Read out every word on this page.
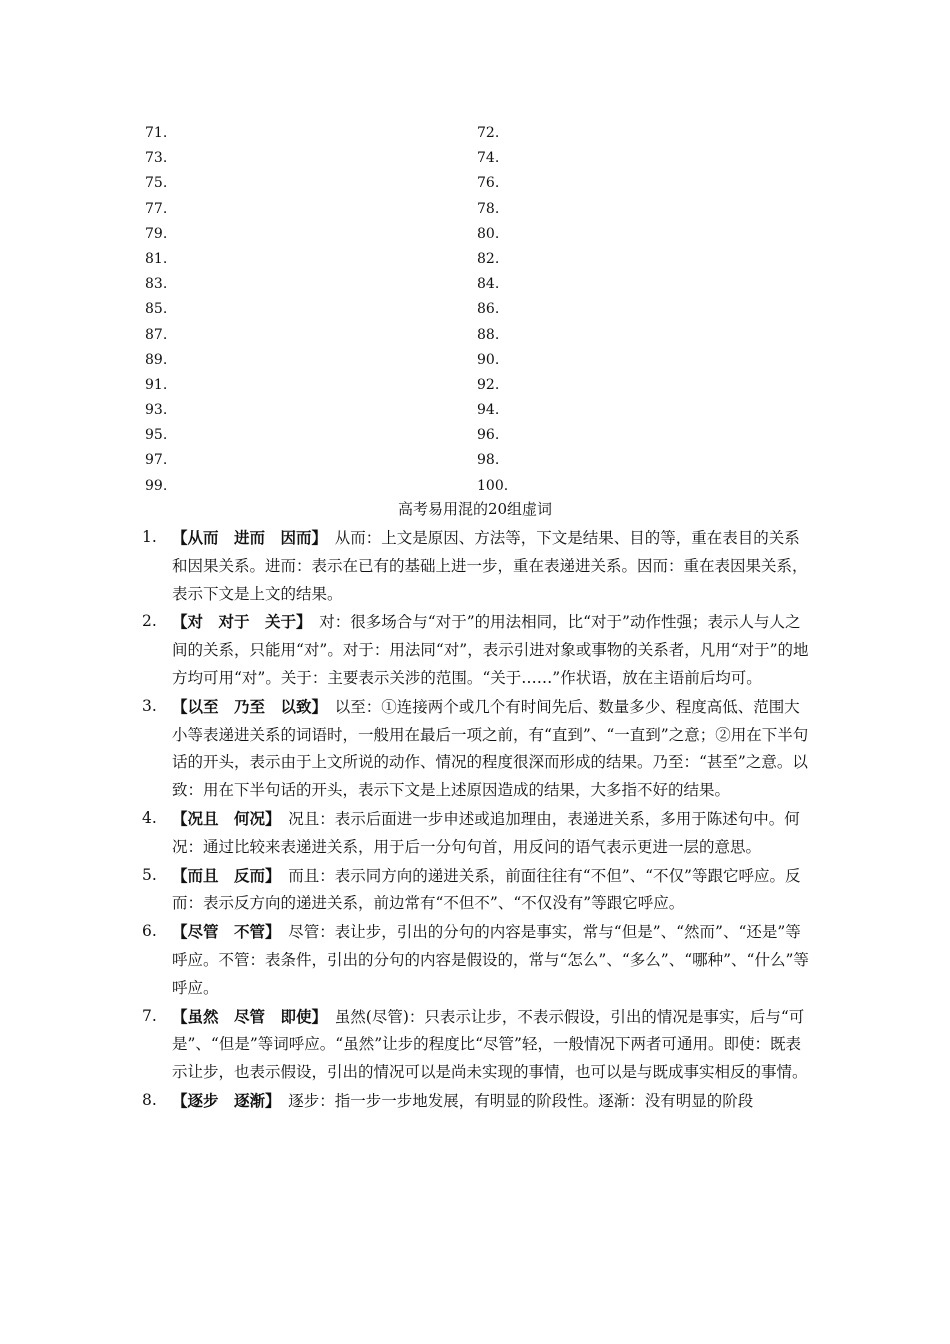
71.	72.
73.	74.
75.	76.
77.	78.
79.	80.
81.	82.
83.	84.
85.	86.
87.	88.
89.	90.
91.	92.
93.	94.
95.	96.
97.	98.
99.	100.
高考易用混的20组虚词
1. 【从而　进而　因而】  从而：上文是原因、方法等，下文是结果、目的等，重在表目的关系和因果关系。进而：表示在已有的基础上进一步，重在表递进关系。因而：重在表因果关系，表示下文是上文的结果。
2. 【对　对于　关于】  对：很多场合与“对于”的用法相同，比“对于”动作性强；表示人与人之间的关系，只能用“对”。对于：用法同“对”，表示引进对象或事物的关系者，凡用“对于”的地方均可用“对”。关于：主要表示关涉的范围。“关于……”作状语，放在主语前后均可。
3. 【以至　乃至　以致】  以至：①连接两个或几个有时间先后、数量多少、程度高低、范围大小等表递进关系的词语时，一般用在最后一项之前，有“直到”、“一直到”之意；②用在下半句话的开头，表示由于上文所说的动作、情况的程度很深而形成的结果。乃至：“甚至”之意。以致：用在下半句话的开头，表示下文是上述原因造成的结果，大多指不好的结果。
4. 【况且　何况】  况且：表示后面进一步申述或追加理由，表递进关系，多用于陈述句中。何况：通过比较来表递进关系，用于后一分句句首，用反问的语气表示更进一层的意思。
5. 【而且　反而】  而且：表示同方向的递进关系，前面往往有“不但”、“不仅”等跟它呼应。反而：表示反方向的递进关系，前边常有“不但不”、“不仅没有”等跟它呼应。
6. 【尽管　不管】  尽管：表让步，引出的分句的内容是事实，常与“但是”、“然而”、“还是”等呼应。不管：表条件，引出的分句的内容是假设的，常与“怎么”、“多么”、“哪种”、“什么”等呼应。
7. 【虽然　尽管　即使】  虽然(尽管)：只表示让步，不表示假设，引出的情况是事实，后与“可是”、“但是”等词呼应。“虽然”让步的程度比“尽管”轻，一般情况下两者可通用。即使：既表示让步，也表示假设，引出的情况可以是尚未实现的事情，也可以是与既成事实相反的事情。
8. 【逐步　逐渐】  逐步：指一步一步地发展，有明显的阶段性。逐渐：没有明显的阶段
